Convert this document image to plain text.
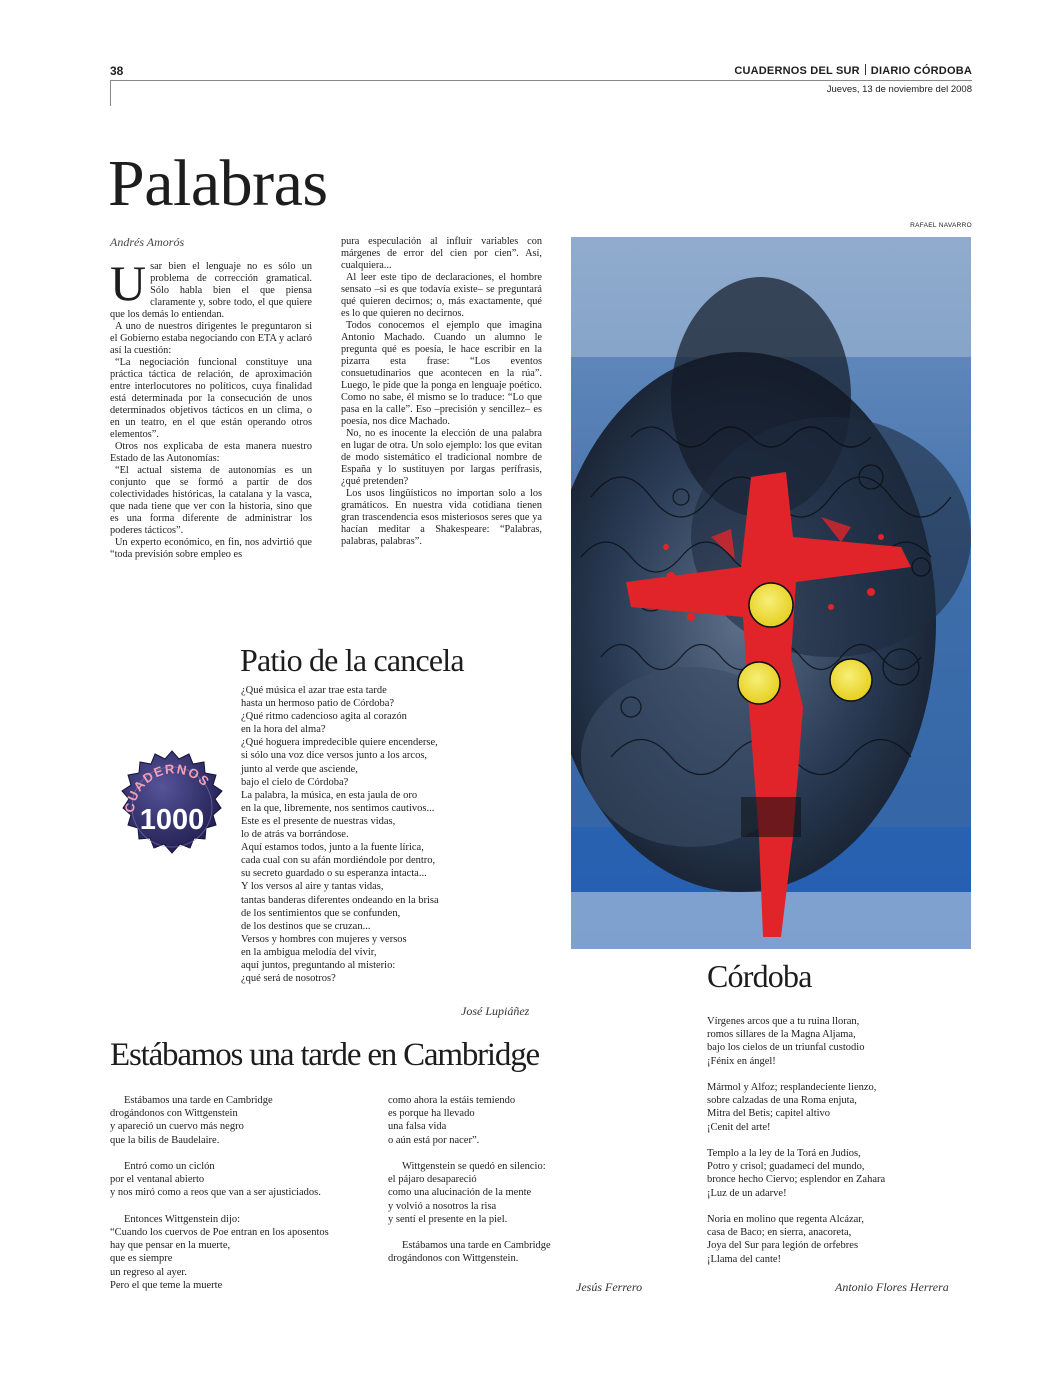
38	CUADERNOS DEL SUR DIARIO CÓRDOBA
Jueves, 13 de noviembre del 2008
Palabras
Andrés Amorós

Usar bien el lenguaje no es sólo un problema de corrección gramatical. Sólo habla bien el que piensa claramente y, sobre todo, el que quiere que los demás lo entiendan.

A uno de nuestros dirigentes le preguntaron si el Gobierno estaba negociando con ETA y aclaró así la cuestión:

“La negociación funcional constituye una práctica táctica de relación, de aproximación entre interlocutores no políticos, cuya finalidad está determinada por la consecución de unos determinados objetivos tácticos en un clima, o en un teatro, en el que están operando otros elementos”.

Otros nos explicaba de esta manera nuestro Estado de las Autonomías:

“El actual sistema de autonomías es un conjunto que se formó a partir de dos colectividades históricas, la catalana y la vasca, que nada tiene que ver con la historia, sino que es una forma diferente de administrar los poderes tácticos”.

Un experto económico, en fin, nos advirtió que “toda previsión sobre empleo es

pura especulación al influir variables con márgenes de error del cien por cien”. Así, cualquiera...

Al leer este tipo de declaraciones, el hombre sensato –si es que todavía existe– se preguntará qué quieren decirnos; o, más exactamente, qué es lo que quieren no decirnos.

Todos conocemos el ejemplo que imagina Antonio Machado. Cuando un alumno le pregunta qué es poesía, le hace escribir en la pizarra esta frase: “Los eventos consuetudinarios que acontecen en la rúa”. Luego, le pide que la ponga en lenguaje poético. Como no sabe, él mismo se lo traduce: “Lo que pasa en la calle”. Eso –precisión y sencillez– es poesía, nos dice Machado.

No, no es inocente la elección de una palabra en lugar de otra. Un solo ejemplo: los que evitan de modo sistemático el tradicional nombre de España y lo sustituyen por largas perífrasis, ¿qué pretenden?

Los usos lingüísticos no importan solo a los gramáticos. En nuestra vida cotidiana tienen gran trascendencia esos misteriosos seres que ya hacían meditar a Shakespeare: “Palabras, palabras, palabras”.

RAFAEL NAVARRO
Patio de la cancela
¿Qué música el azar trae esta tarde
hasta un hermoso patio de Córdoba?
¿Qué ritmo cadencioso agita al corazón
en la hora del alma?
¿Qué hoguera impredecible quiere encenderse,
si sólo una voz dice versos junto a los arcos,
junto al verde que asciende,
bajo el cielo de Córdoba?
La palabra, la música, en esta jaula de oro
en la que, libremente, nos sentimos cautivos...
Este es el presente de nuestras vidas,
lo de atrás va borrándose.
Aquí estamos todos, junto a la fuente lírica,
cada cual con su afán mordiéndole por dentro,
su secreto guardado o su esperanza intacta...
Y los versos al aire y tantas vidas,
tantas banderas diferentes ondeando en la brisa
de los sentimientos que se confunden,
de los destinos que se cruzan...
Versos y hombres con mujeres y versos
en la ambigua melodía del vivir,
aquí juntos, preguntando al misterio:
¿qué será de nosotros?
José Lupiáñez
CUADERNOS
1000
Estábamos una tarde en Cambridge
Estábamos una tarde en Cambridge
drogándonos con Wittgenstein
y apareció un cuervo más negro
que la bilis de Baudelaire.
Entró como un ciclón
por el ventanal abierto
y nos miró como a reos que van a ser ajusticiados.
Entonces Wittgenstein dijo:
“Cuando los cuervos de Poe entran en los aposentos
hay que pensar en la muerte,
que es siempre
un regreso al ayer.
Pero el que teme la muerte
como ahora la estáis temiendo
es porque ha llevado
una falsa vida
o aún está por nacer”.
Wittgenstein se quedó en silencio:
el pájaro desapareció
como una alucinación de la mente
y volvió a nosotros la risa
y sentí el presente en la piel.
Estábamos una tarde en Cambridge
drogándonos con Wittgenstein.
Jesús Ferrero
Córdoba
Vírgenes arcos que a tu ruina lloran,
romos sillares de la Magna Aljama,
bajo los cielos de un triunfal custodio
¡Fénix en ángel!
Mármol y Alfoz; resplandeciente lienzo,
sobre calzadas de una Roma enjuta,
Mitra del Betis; capitel altivo
¡Cenit del arte!
Templo a la ley de la Torá en Judíos,
Potro y crisol; guadamecí del mundo,
bronce hecho Ciervo; esplendor en Zahara
¡Luz de un adarve!
Noria en molino que regenta Alcázar,
casa de Baco; en sierra, anacoreta,
Joya del Sur para legión de orfebres
¡Llama del cante!
Antonio Flores Herrera
